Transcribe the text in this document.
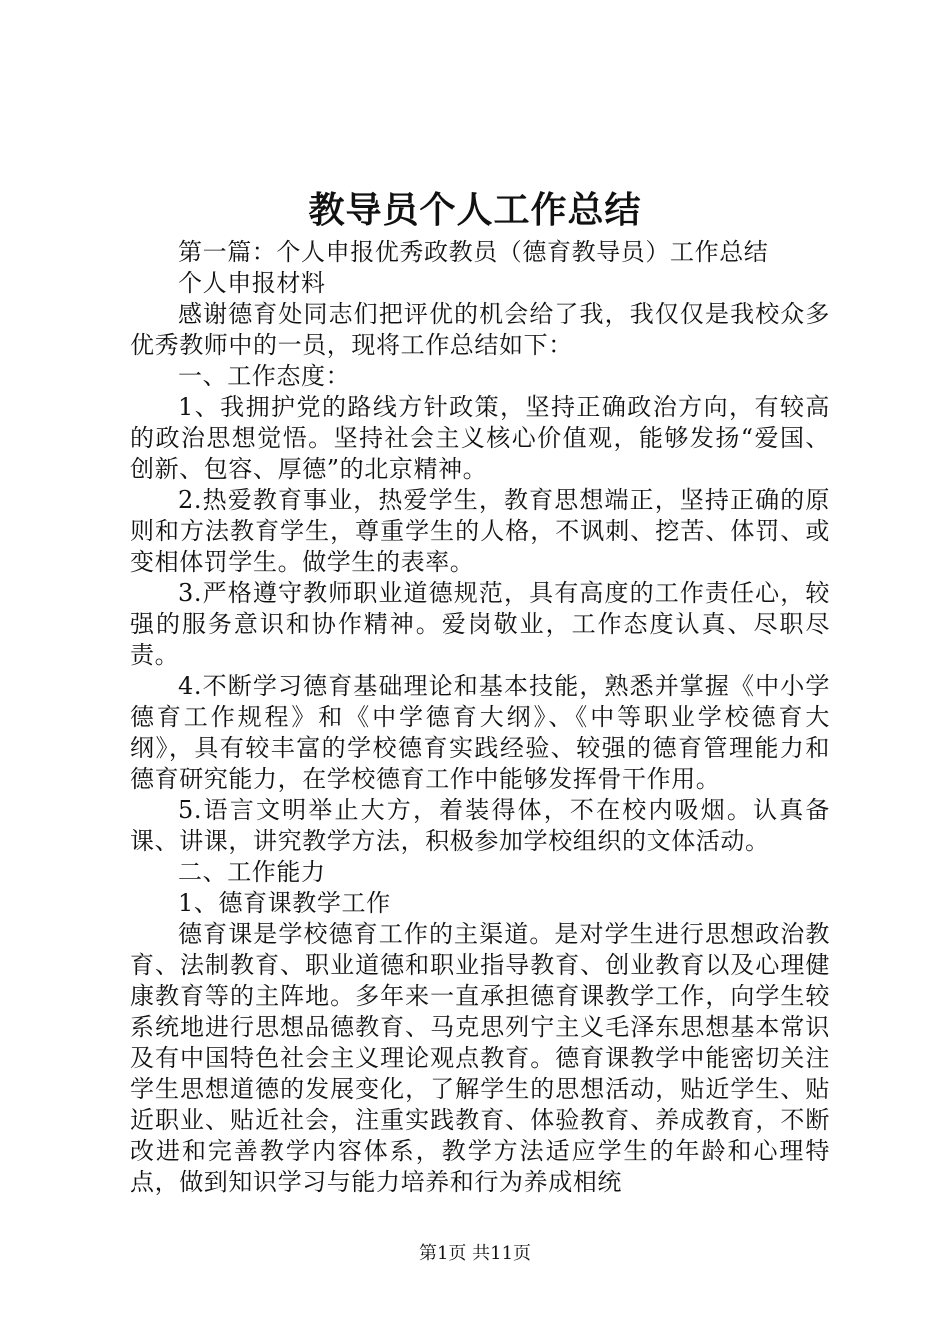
教导员个人工作总结

第一篇：个人申报优秀政教员（德育教导员）工作总结

个人申报材料

感谢德育处同志们把评优的机会给了我，我仅仅是我校众多优秀教师中的一员，现将工作总结如下：

一、工作态度：

1、我拥护党的路线方针政策，坚持正确政治方向，有较高的政治思想觉悟。坚持社会主义核心价值观，能够发扬“爱国、创新、包容、厚德”的北京精神。

2.热爱教育事业，热爱学生，教育思想端正，坚持正确的原则和方法教育学生，尊重学生的人格，不讽刺、挖苦、体罚、或变相体罚学生。做学生的表率。

3.严格遵守教师职业道德规范，具有高度的工作责任心，较强的服务意识和协作精神。爱岗敬业，工作态度认真、尽职尽责。

4.不断学习德育基础理论和基本技能，熟悉并掌握《中小学德育工作规程》和《中学德育大纲》、《中等职业学校德育大纲》，具有较丰富的学校德育实践经验、较强的德育管理能力和德育研究能力，在学校德育工作中能够发挥骨干作用。

5.语言文明举止大方，着装得体，不在校内吸烟。认真备课、讲课，讲究教学方法，积极参加学校组织的文体活动。

二、工作能力

1、德育课教学工作

德育课是学校德育工作的主渠道。是对学生进行思想政治教育、法制教育、职业道德和职业指导教育、创业教育以及心理健康教育等的主阵地。多年来一直承担德育课教学工作，向学生较系统地进行思想品德教育、马克思列宁主义毛泽东思想基本常识及有中国特色社会主义理论观点教育。德育课教学中能密切关注学生思想道德的发展变化，了解学生的思想活动，贴近学生、贴近职业、贴近社会，注重实践教育、体验教育、养成教育，不断改进和完善教学内容体系，教学方法适应学生的年龄和心理特点，做到知识学习与能力培养和行为养成相统

第1页 共11页
